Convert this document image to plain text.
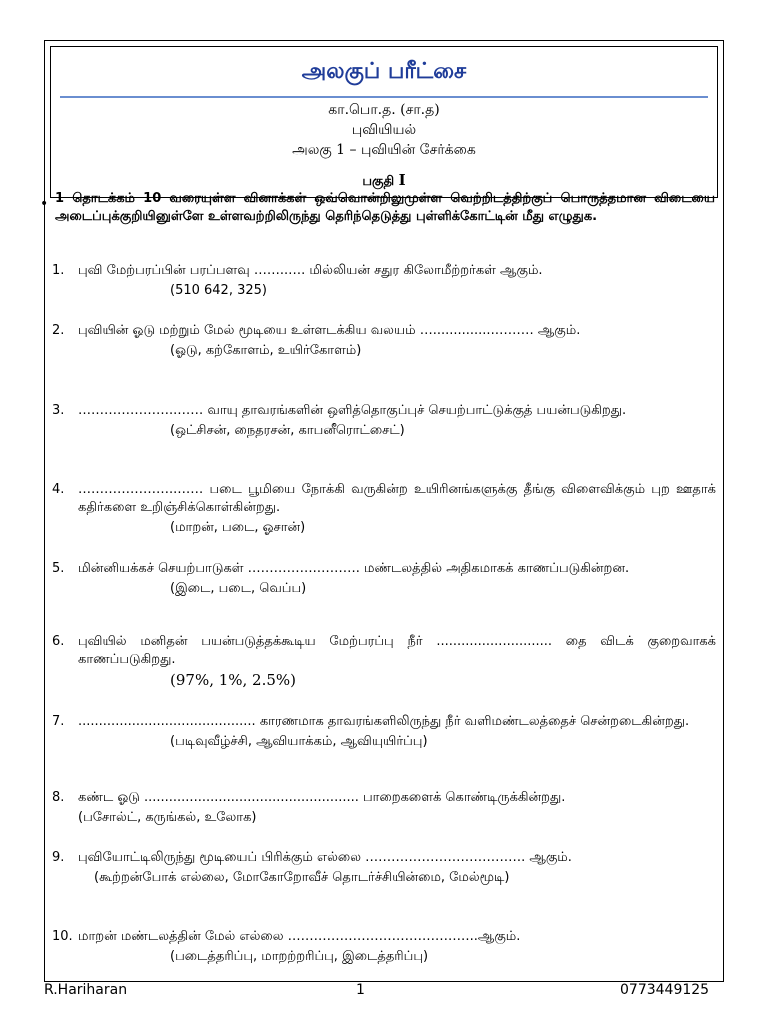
அலகுப் பரீட்சை
கா.பொ.த. (சா.த)
புவியியல்
அலகு 1 – புவியின் சேர்க்கை
பகுதி I
• 1 தொடக்கம் 10 வரையுள்ள வினாக்கள் ஒவ்வொன்றிலுமுள்ள வெற்றிடத்திற்குப் பொருத்தமான விடையை அடைப்புக்குறியினுள்ளே உள்ளவற்றிலிருந்து தெரிந்தெடுத்து புள்ளிக்கோட்டின் மீது எழுதுக.
1. புவி மேற்பரப்பின் பரப்பளவு ……..…. மில்லியன் சதுர கிலோமீற்றர்கள் ஆகும்.
(510 642, 325)
2. புவியின் ஓடு மற்றும் மேல் மூடியை உள்ளடக்கிய வலயம் …...............……… ஆகும்.
(ஓடு, கற்கோளம், உயிர்கோளம்)
3. …………………..…… வாயு தாவரங்களின் ஒளித்தொகுப்புச் செயற்பாட்டுக்குத் பயன்படுகிறது.
(ஒட்சிசன், நைதரசன், காபனீரொட்சைட்)
4. …………………..…… படை பூமியை நோக்கி வருகின்ற உயிரினங்களுக்கு தீங்கு விளைவிக்கும் புற ஊதாக் கதிர்களை உறிஞ்சிக்கொள்கின்றது.
(மாறன், படை, ஓசான்)
5. மின்னியக்கச் செயற்பாடுகள் …………….………. மண்டலத்தில் அதிகமாகக் காணப்படுகின்றன.
(இடை, படை, வெப்ப)
6. புவியில் மனிதன் பயன்படுத்தக்கூடிய மேற்பரப்பு நீர் ............................ தை விடக் குறைவாகக் காணப்படுகிறது.
(97%, 1%, 2.5%)
7. ........................................... காரணமாக தாவரங்களிலிருந்து நீர் வளிமண்டலத்தைச் சென்றடைகின்றது.
(படிவுவீழ்ச்சி, ஆவியாக்கம், ஆவியுயிர்ப்பு)
8. கண்ட ஓடு .................................................... பாறைகளைக் கொண்டிருக்கின்றது.
(பசோல்ட், கருங்கல், உலோக)
9. புவியோட்டிலிருந்து மூடியைப் பிரிக்கும் எல்லை ………………………………. ஆகும்.
(கூற்றன்போக் எல்லை, மோகோறோவீச் தொடர்ச்சியின்மை, மேல்மூடி)
10. மாறன் மண்டலத்தின் மேல் எல்லை ……………………………………..ஆகும்.
(படைத்தரிப்பு, மாறற்றரிப்பு, இடைத்தரிப்பு)
R.Hariharan	1	0773449125
